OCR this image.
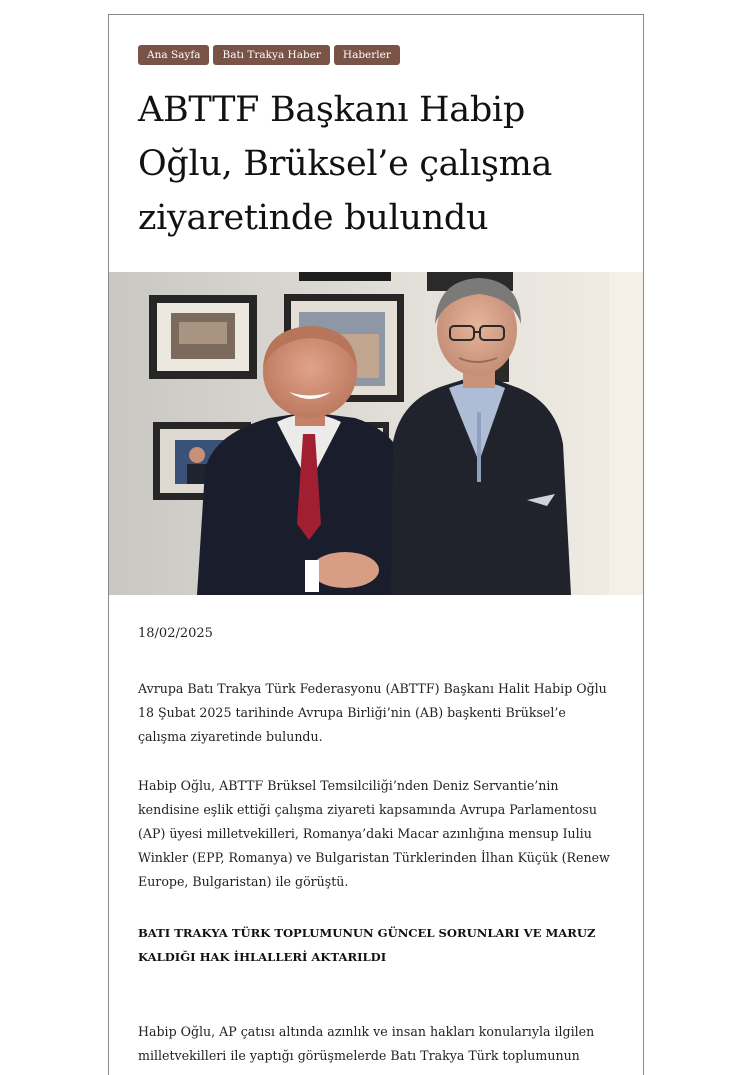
Ana Sayfa	Batı Trakya Haber	Haberler
ABTTF Başkanı Habip Oğlu, Brüksel’e çalışma ziyaretinde bulundu
18/02/2025

Avrupa Batı Trakya Türk Federasyonu (ABTTF) Başkanı Halit Habip Oğlu 18 Şubat 2025 tarihinde Avrupa Birliği’nin (AB) başkenti Brüksel’e çalışma ziyaretinde bulundu.

Habip Oğlu, ABTTF Brüksel Temsilciliği’nden Deniz Servantie’nin kendisine eşlik ettiği çalışma ziyareti kapsamında Avrupa Parlamentosu (AP) üyesi milletvekilleri, Romanya’daki Macar azınlığına mensup Iuliu Winkler (EPP, Romanya) ve Bulgaristan Türklerinden İlhan Küçük (Renew Europe, Bulgaristan) ile görüştü.

BATI TRAKYA TÜRK TOPLUMUNUN GÜNCEL SORUNLARI VE MARUZ KALDIĞI HAK İHLALLERİ AKTARILDI

Habip Oğlu, AP çatısı altında azınlık ve insan hakları konularıyla ilgilen milletvekilleri ile yaptığı görüşmelerde Batı Trakya Türk toplumunun
